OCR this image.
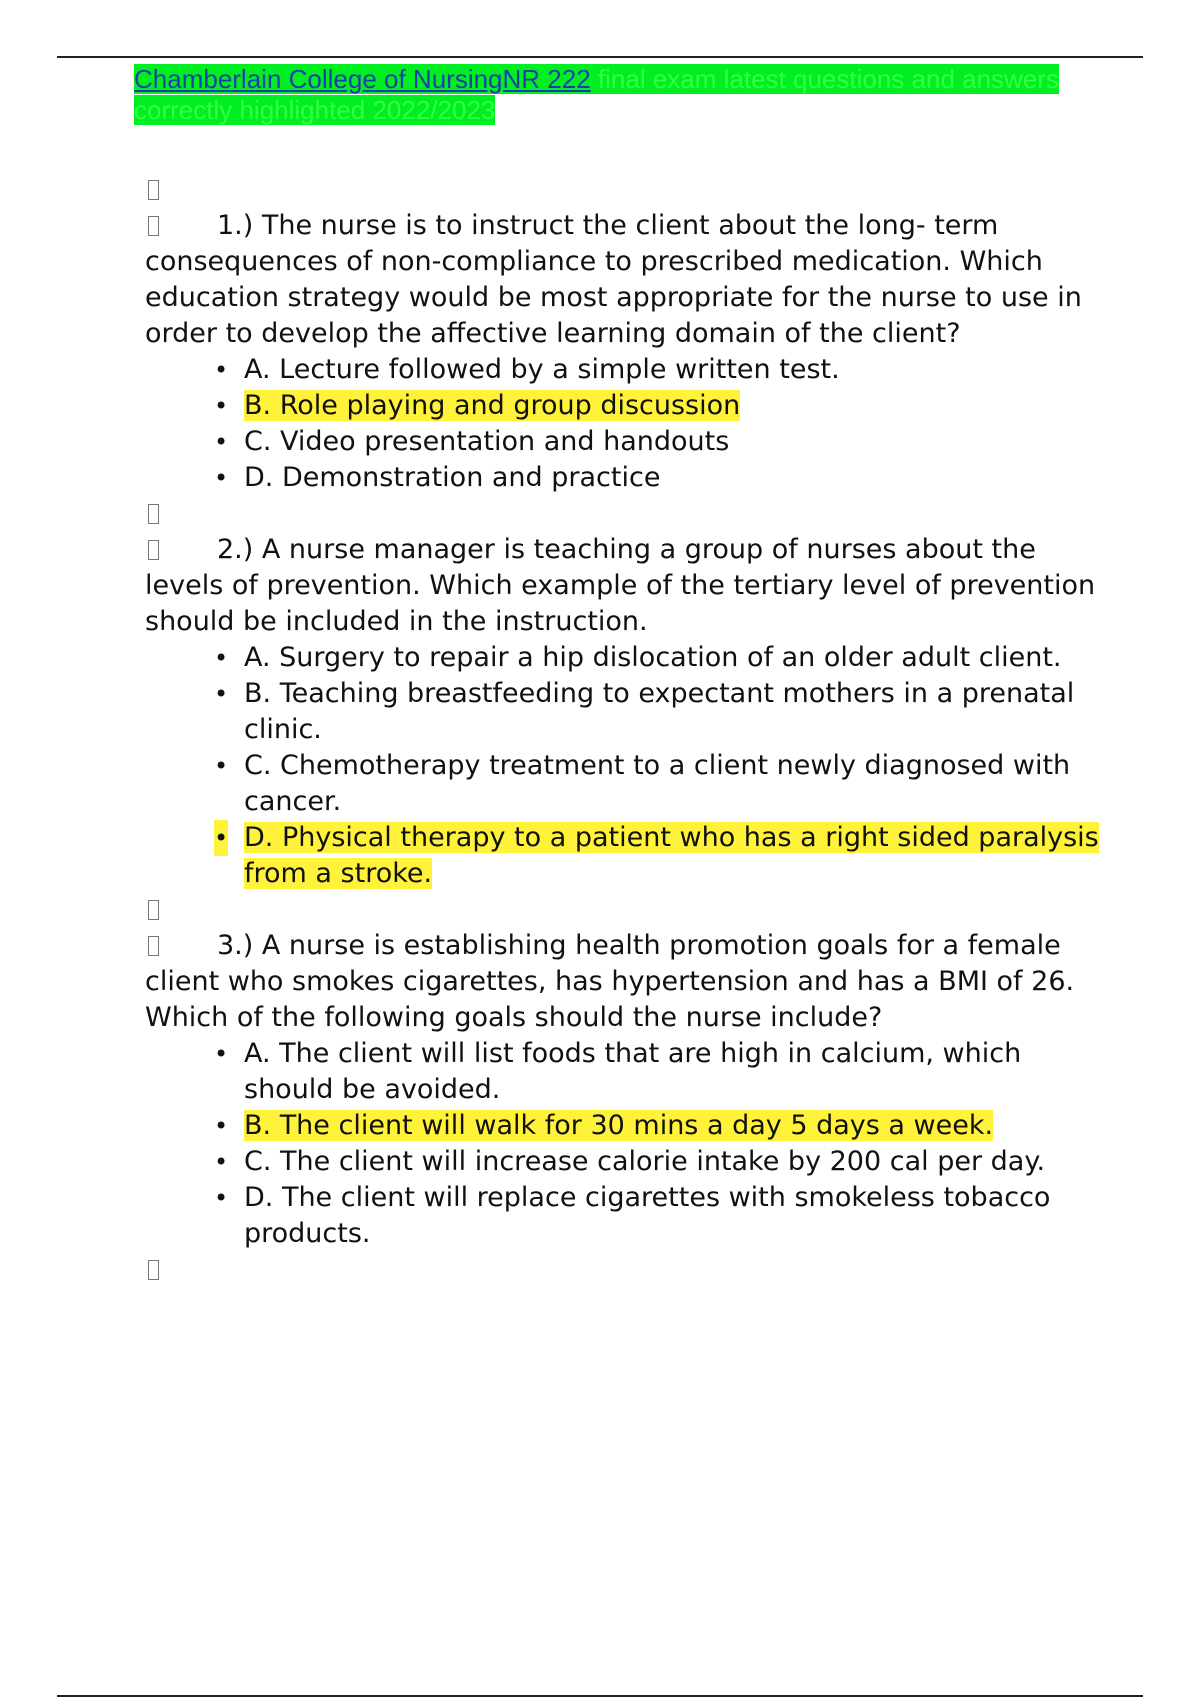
Chamberlain College of NursingNR 222 final exam latest questions and answers correctly highlighted 2022/2023
1.) The nurse is to instruct the client about the long- term consequences of non-compliance to prescribed medication. Which education strategy would be most appropriate for the nurse to use in order to develop the affective learning domain of the client?
• A. Lecture followed by a simple written test.
• B. Role playing and group discussion
• C. Video presentation and handouts
• D. Demonstration and practice
2.) A nurse manager is teaching a group of nurses about the levels of prevention. Which example of the tertiary level of prevention should be included in the instruction.
• A. Surgery to repair a hip dislocation of an older adult client.
• B. Teaching breastfeeding to expectant mothers in a prenatal clinic.
• C. Chemotherapy treatment to a client newly diagnosed with cancer.
• D. Physical therapy to a patient who has a right sided paralysis from a stroke.
3.) A nurse is establishing health promotion goals for a female client who smokes cigarettes, has hypertension and has a BMI of 26. Which of the following goals should the nurse include?
• A. The client will list foods that are high in calcium, which should be avoided.
• B. The client will walk for 30 mins a day 5 days a week.
• C. The client will increase calorie intake by 200 cal per day.
• D. The client will replace cigarettes with smokeless tobacco products.
